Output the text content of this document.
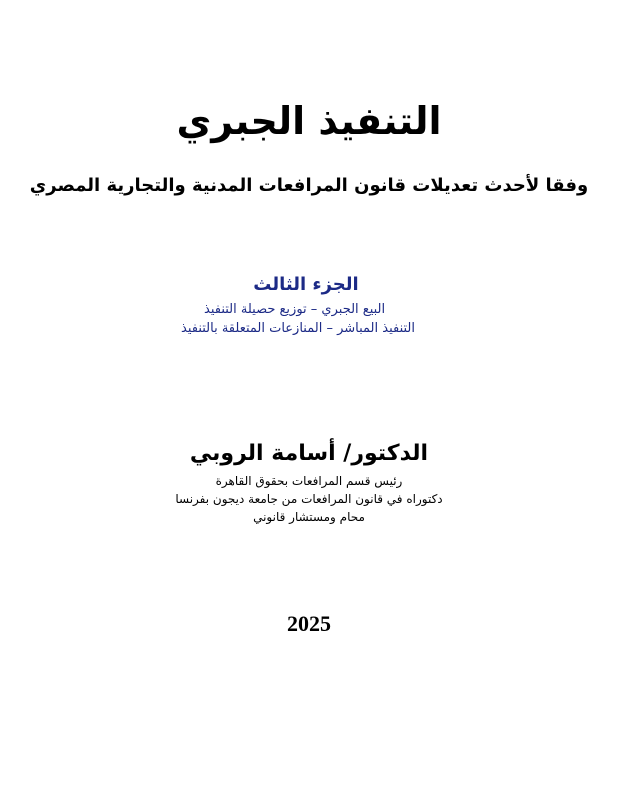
التنفيذ الجبري
وفقا لأحدث تعديلات قانون المرافعات المدنية والتجارية المصري
الجزء الثالث
البيع الجبري – توزيع حصيلة التنفيذ
التنفيذ المباشر – المنازعات المتعلقة بالتنفيذ
الدكتور/ أسامة الروبي
رئيس قسم المرافعات بحقوق القاهرة
دكتوراه في قانون المرافعات من جامعة ديجون بفرنسا
محام ومستشار قانوني
2025
